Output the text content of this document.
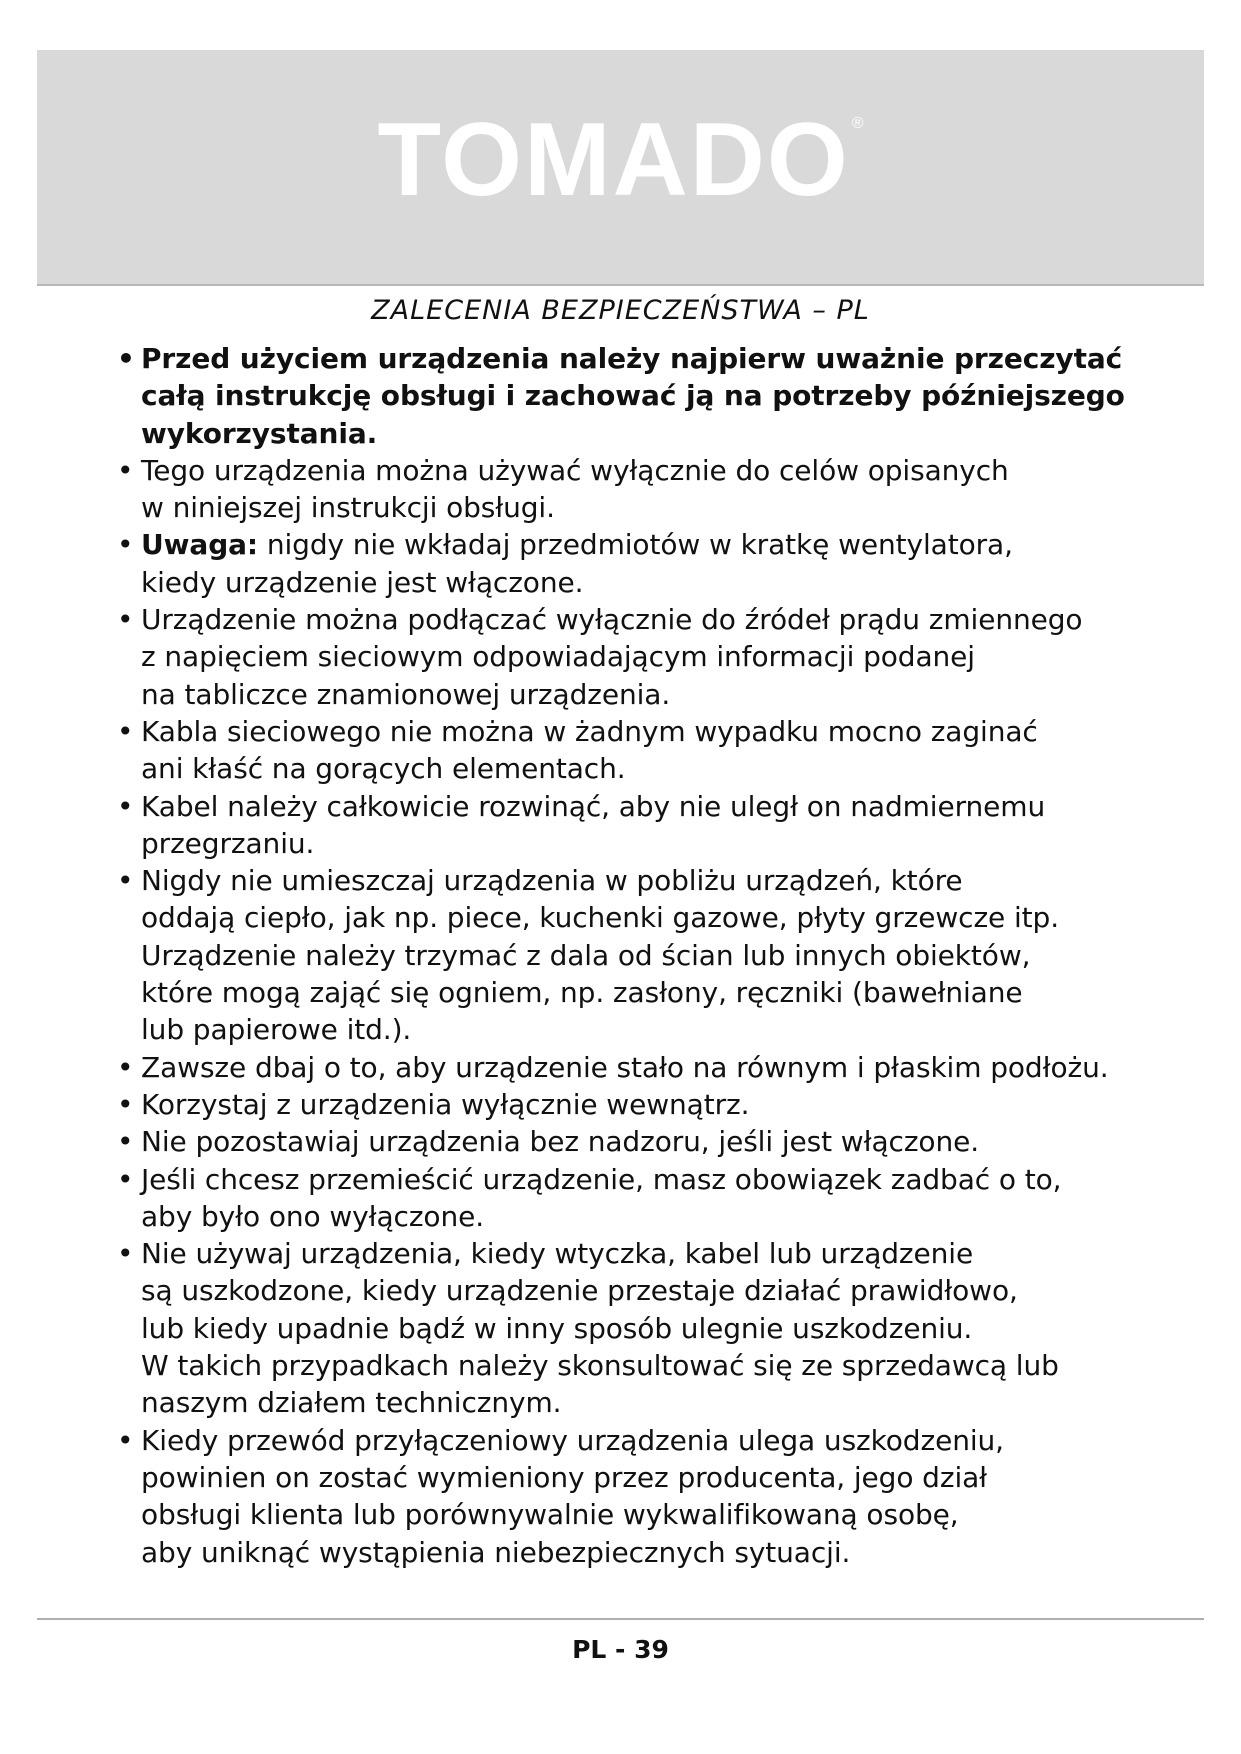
TOMADO ®
ZALECENIA BEZPIECZEŃSTWA – PL
• Przed użyciem urządzenia należy najpierw uważnie przeczytać
całą instrukcję obsługi i zachować ją na potrzeby późniejszego
wykorzystania.
• Tego urządzenia można używać wyłącznie do celów opisanych
w niniejszej instrukcji obsługi.
• Uwaga: nigdy nie wkładaj przedmiotów w kratkę wentylatora,
kiedy urządzenie jest włączone.
• Urządzenie można podłączać wyłącznie do źródeł prądu zmiennego
z napięciem sieciowym odpowiadającym informacji podanej
na tabliczce znamionowej urządzenia.
• Kabla sieciowego nie można w żadnym wypadku mocno zaginać
ani kłaść na gorących elementach.
• Kabel należy całkowicie rozwinąć, aby nie uległ on nadmiernemu
przegrzaniu.
• Nigdy nie umieszczaj urządzenia w pobliżu urządzeń, które
oddają ciepło, jak np. piece, kuchenki gazowe, płyty grzewcze itp.
Urządzenie należy trzymać z dala od ścian lub innych obiektów,
które mogą zająć się ogniem, np. zasłony, ręczniki (bawełniane
lub papierowe itd.).
• Zawsze dbaj o to, aby urządzenie stało na równym i płaskim podłożu.
• Korzystaj z urządzenia wyłącznie wewnątrz.
• Nie pozostawiaj urządzenia bez nadzoru, jeśli jest włączone.
• Jeśli chcesz przemieścić urządzenie, masz obowiązek zadbać o to,
aby było ono wyłączone.
• Nie używaj urządzenia, kiedy wtyczka, kabel lub urządzenie
są uszkodzone, kiedy urządzenie przestaje działać prawidłowo,
lub kiedy upadnie bądź w inny sposób ulegnie uszkodzeniu.
W takich przypadkach należy skonsultować się ze sprzedawcą lub
naszym działem technicznym.
• Kiedy przewód przyłączeniowy urządzenia ulega uszkodzeniu,
powinien on zostać wymieniony przez producenta, jego dział
obsługi klienta lub porównywalnie wykwalifikowaną osobę,
aby uniknąć wystąpienia niebezpiecznych sytuacji.
PL - 39
